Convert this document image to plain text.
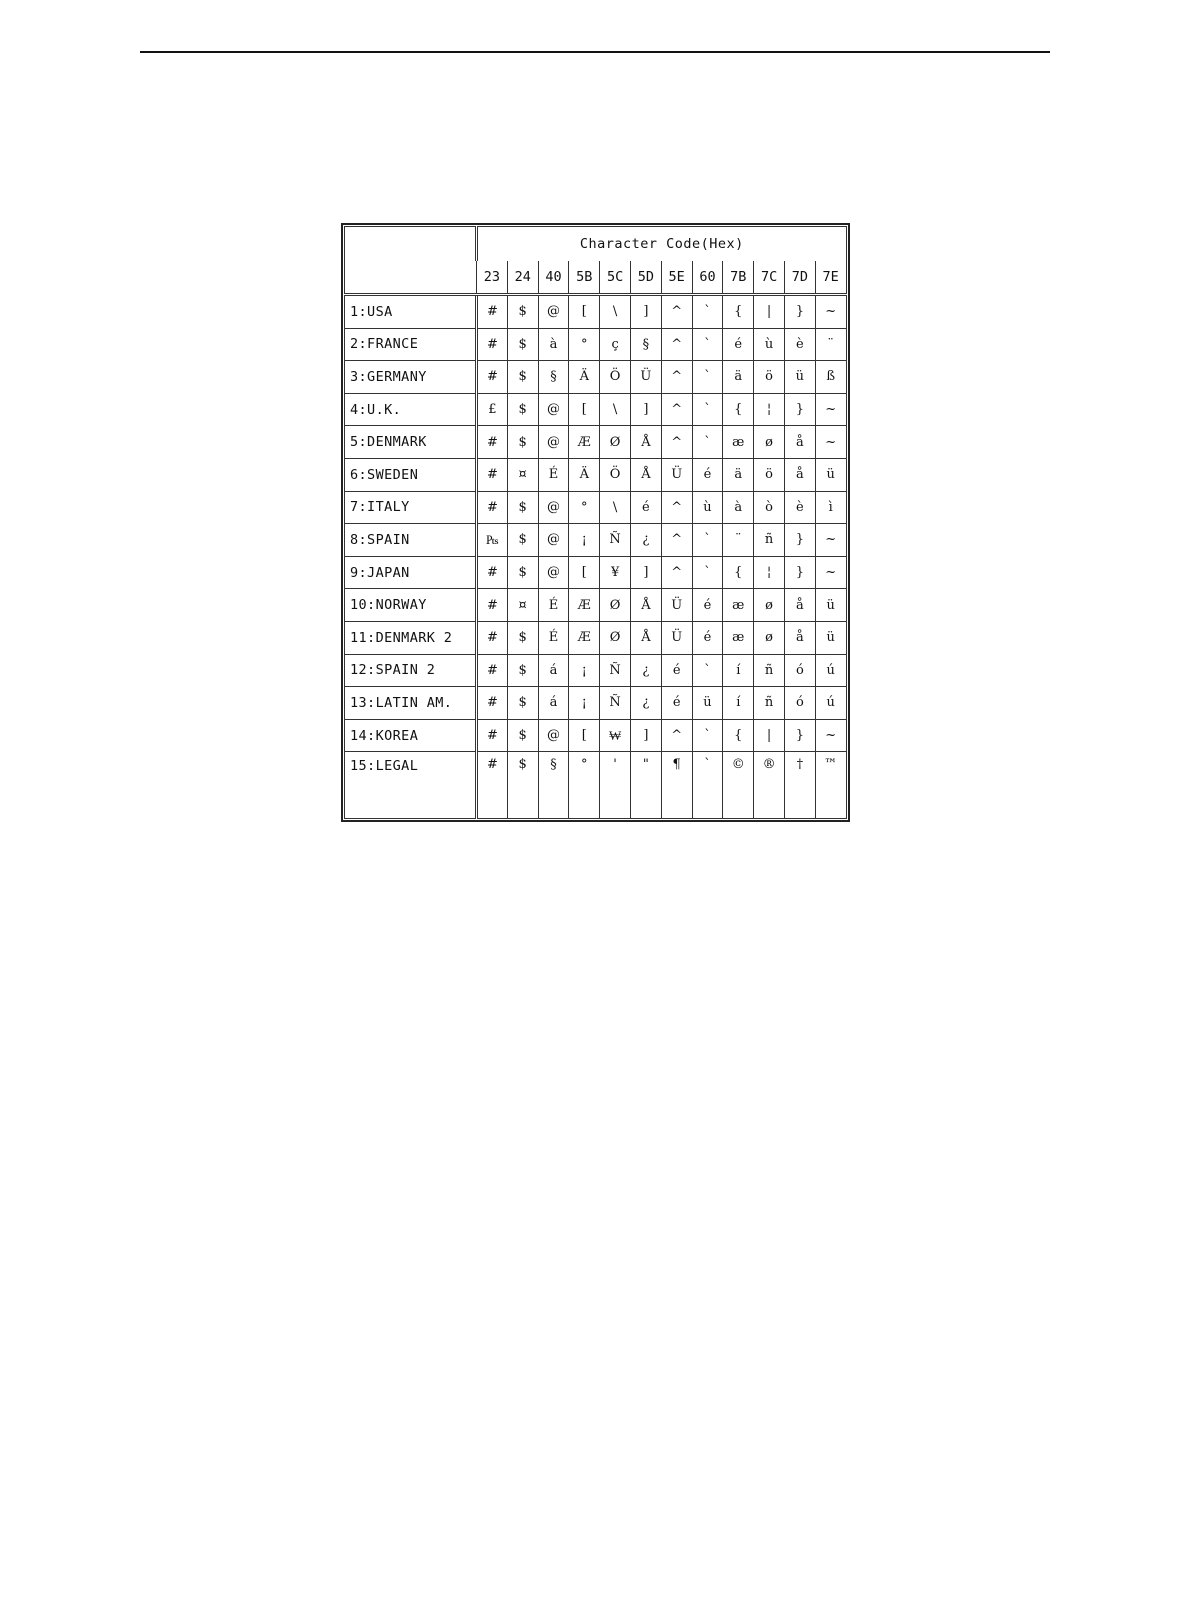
	Character Code(Hex)											
	23	24	40	5B	5C	5D	5E	60	7B	7C	7D	7E
1:USA	#	$	@	[	\	]	^	`	{	|	}	~
2:FRANCE	#	$	à	°	ç	§	^	`	é	ù	è	¨
3:GERMANY	#	$	§	Ä	Ö	Ü	^	`	ä	ö	ü	ß
4:U.K.	£	$	@	[	\	]	^	`	{	¦	}	~
5:DENMARK	#	$	@	Æ	Ø	Å	^	`	æ	ø	å	~
6:SWEDEN	#	¤	É	Ä	Ö	Å	Ü	é	ä	ö	å	ü
7:ITALY	#	$	@	°	\	é	^	ù	à	ò	è	ì
8:SPAIN	₧	$	@	¡	Ñ	¿	^	`	¨	ñ	}	~
9:JAPAN	#	$	@	[	¥	]	^	`	{	¦	}	~
10:NORWAY	#	¤	É	Æ	Ø	Å	Ü	é	æ	ø	å	ü
11:DENMARK 2	#	$	É	Æ	Ø	Å	Ü	é	æ	ø	å	ü
12:SPAIN 2	#	$	á	¡	Ñ	¿	é	`	í	ñ	ó	ú
13:LATIN AM.	#	$	á	¡	Ñ	¿	é	ü	í	ñ	ó	ú
14:KOREA	#	$	@	[	₩	]	^	`	{	|	}	~
15:LEGAL	#	$	§	°	'	"	¶	`	©	®	†	™
